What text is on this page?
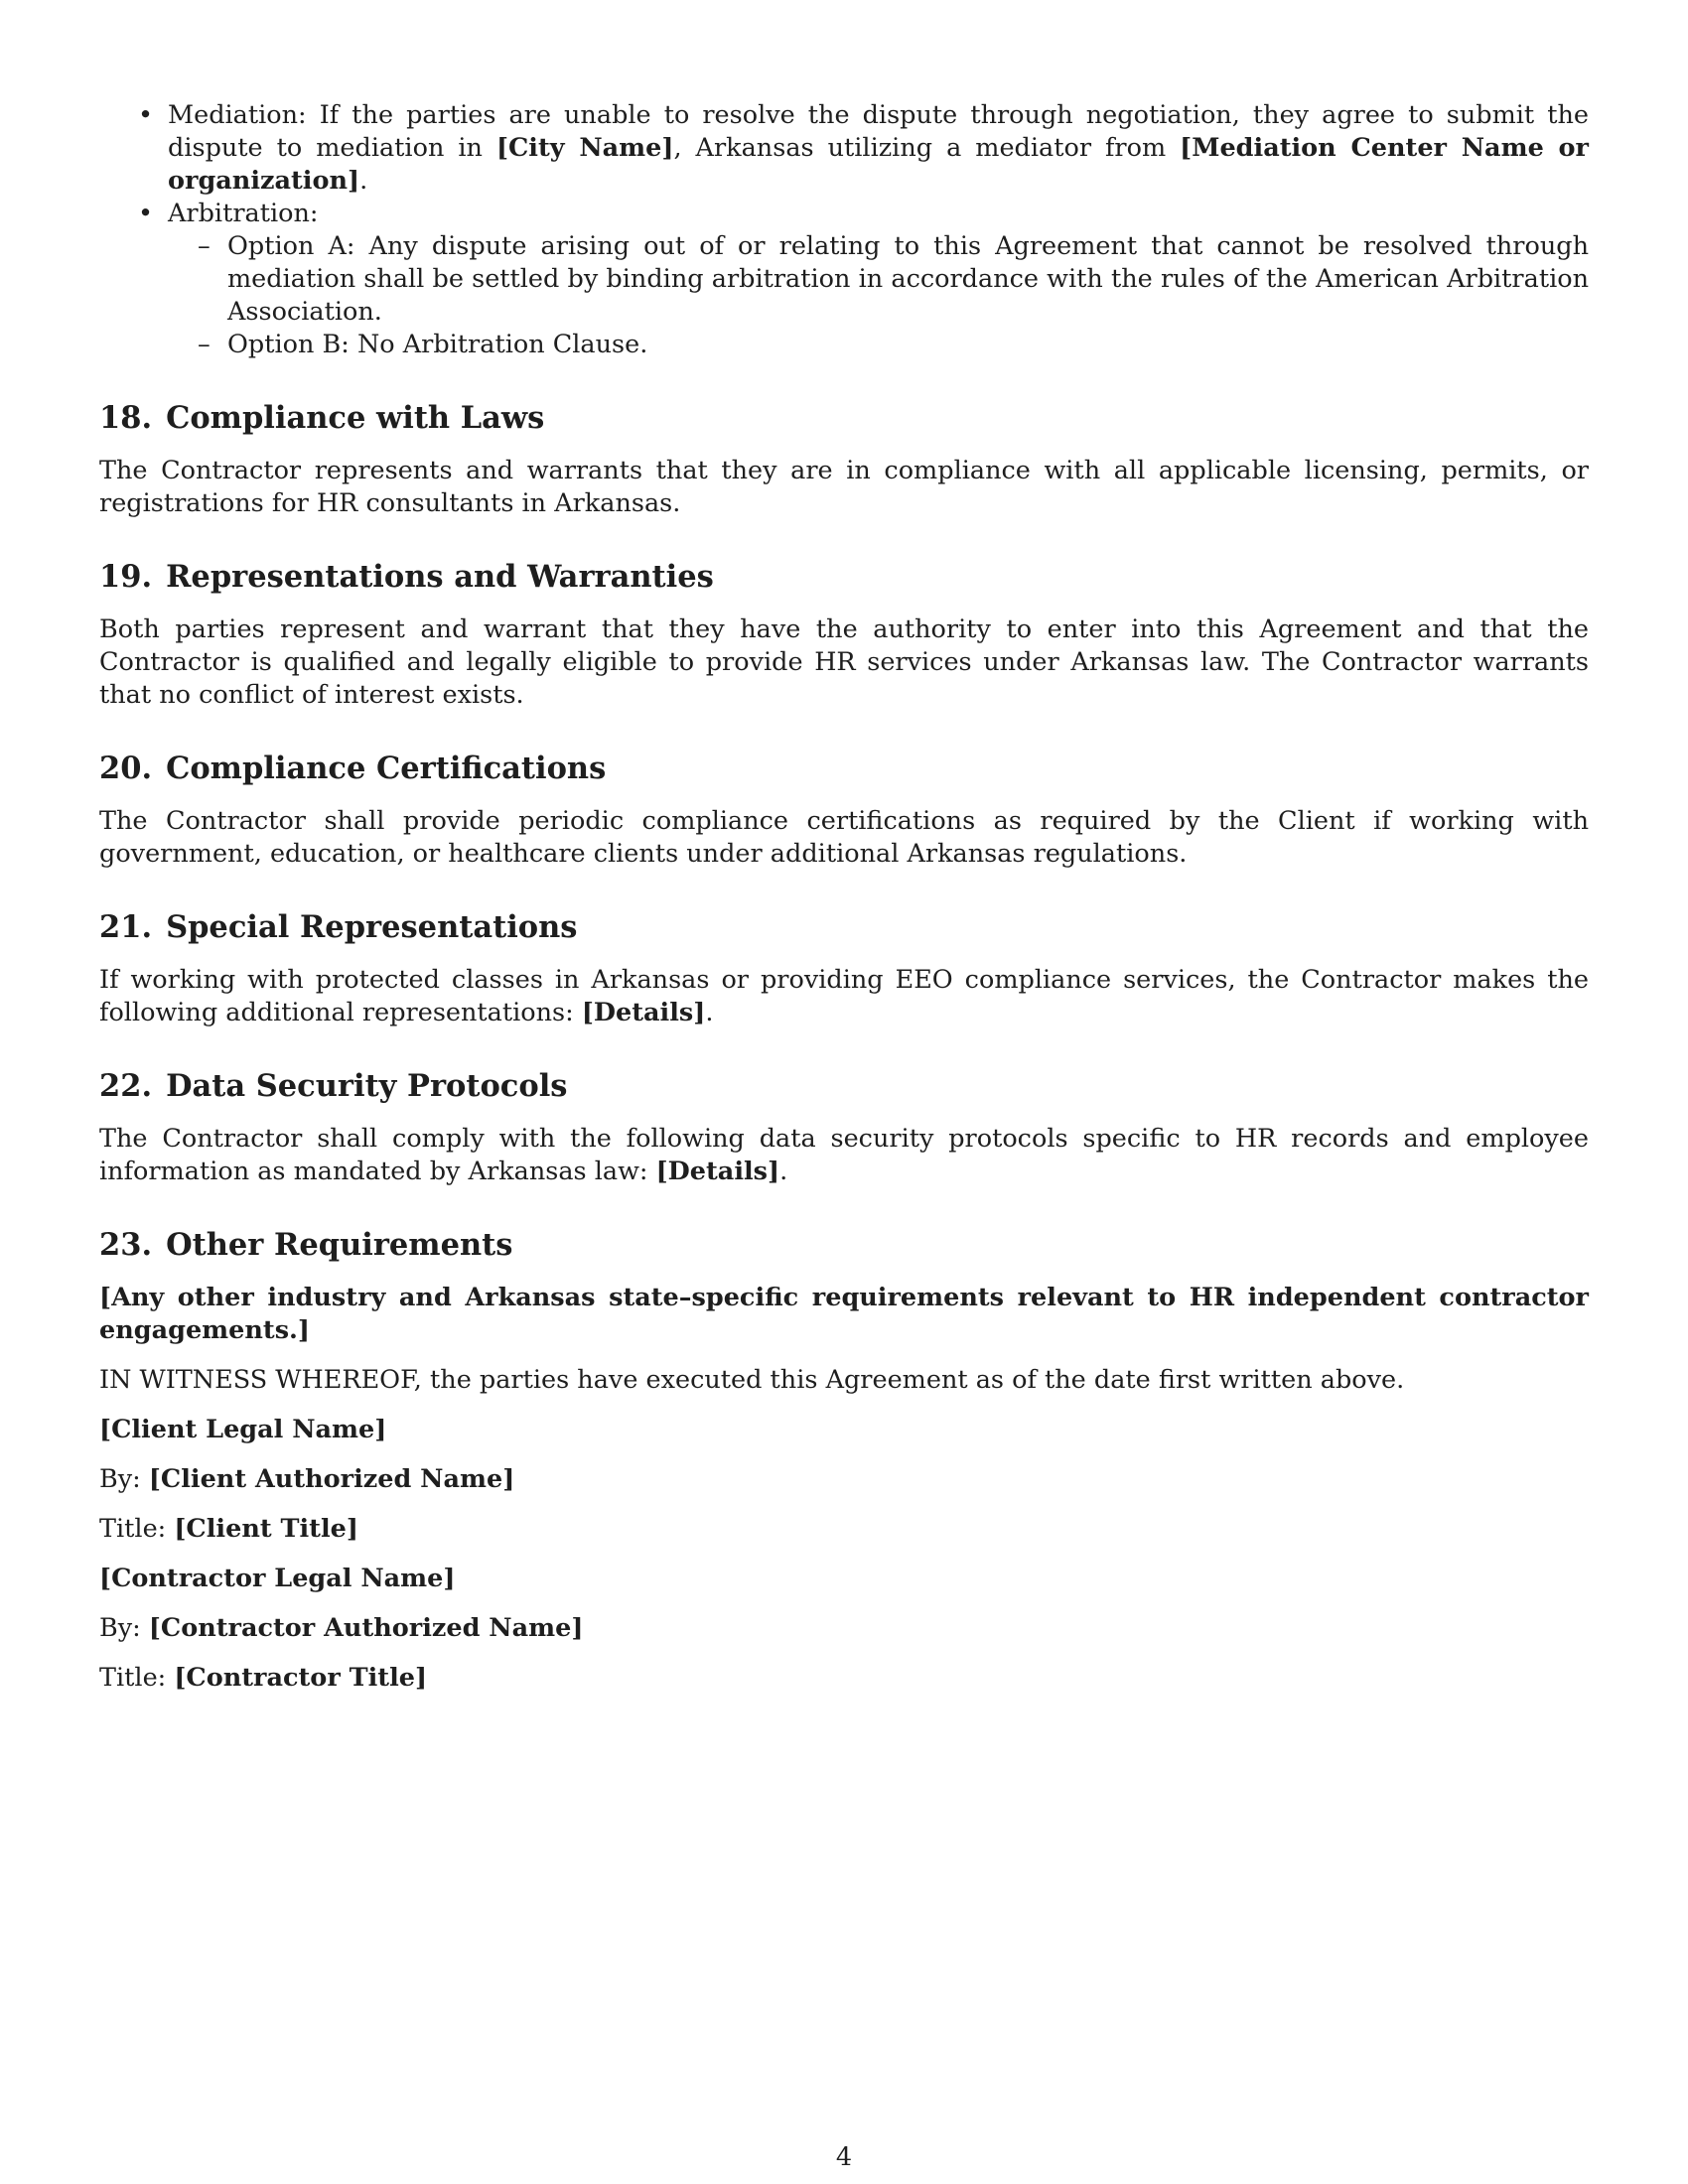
• Mediation: If the parties are unable to resolve the dispute through negotiation, they agree to submit the dispute to mediation in [City Name], Arkansas utilizing a mediator from [Mediation Center Name or organization].
• Arbitration:
– Option A: Any dispute arising out of or relating to this Agreement that cannot be resolved through mediation shall be settled by binding arbitration in accordance with the rules of the American Arbitration Association.
– Option B: No Arbitration Clause.
18. Compliance with Laws

The Contractor represents and warrants that they are in compliance with all applicable licensing, permits, or registrations for HR consultants in Arkansas.

19. Representations and Warranties

Both parties represent and warrant that they have the authority to enter into this Agreement and that the Contractor is qualified and legally eligible to provide HR services under Arkansas law. The Contractor warrants that no conflict of interest exists.

20. Compliance Certifications

The Contractor shall provide periodic compliance certifications as required by the Client if working with government, education, or healthcare clients under additional Arkansas regulations.

21. Special Representations

If working with protected classes in Arkansas or providing EEO compliance services, the Contractor makes the following additional representations: [Details].

22. Data Security Protocols

The Contractor shall comply with the following data security protocols specific to HR records and employee information as mandated by Arkansas law: [Details].

23. Other Requirements

[Any other industry and Arkansas state–specific requirements relevant to HR independent contractor engagements.]

IN WITNESS WHEREOF, the parties have executed this Agreement as of the date first written above.

[Client Legal Name]

By: [Client Authorized Name]

Title: [Client Title]

[Contractor Legal Name]

By: [Contractor Authorized Name]

Title: [Contractor Title]

4
